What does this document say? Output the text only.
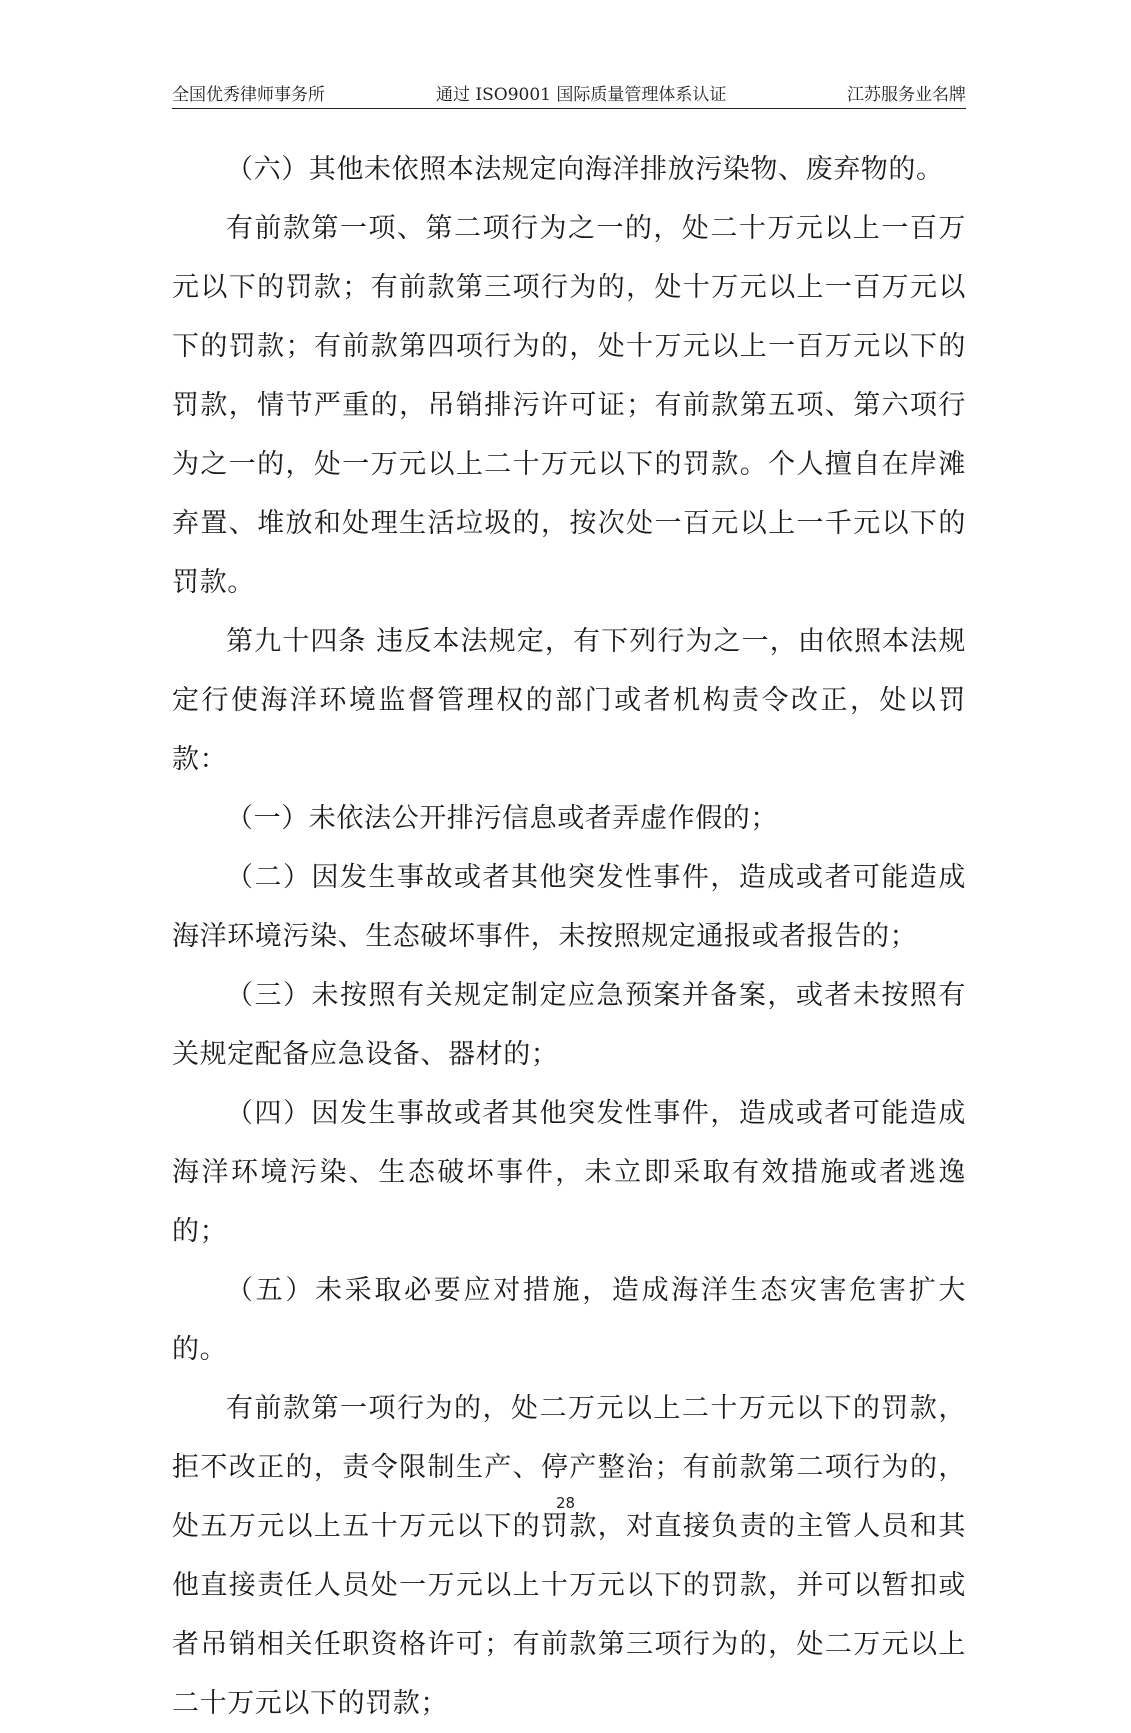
全国优秀律师事务所	通过 ISO9001 国际质量管理体系认证	江苏服务业名牌

（六）其他未依照本法规定向海洋排放污染物、废弃物的。

有前款第一项、第二项行为之一的，处二十万元以上一百万元以下的罚款；有前款第三项行为的，处十万元以上一百万元以下的罚款；有前款第四项行为的，处十万元以上一百万元以下的罚款，情节严重的，吊销排污许可证；有前款第五项、第六项行为之一的，处一万元以上二十万元以下的罚款。个人擅自在岸滩弃置、堆放和处理生活垃圾的，按次处一百元以上一千元以下的罚款。

第九十四条 违反本法规定，有下列行为之一，由依照本法规定行使海洋环境监督管理权的部门或者机构责令改正，处以罚款：

（一）未依法公开排污信息或者弄虚作假的；

（二）因发生事故或者其他突发性事件，造成或者可能造成海洋环境污染、生态破坏事件，未按照规定通报或者报告的；

（三）未按照有关规定制定应急预案并备案，或者未按照有关规定配备应急设备、器材的；

（四）因发生事故或者其他突发性事件，造成或者可能造成海洋环境污染、生态破坏事件，未立即采取有效措施或者逃逸的；

（五）未采取必要应对措施，造成海洋生态灾害危害扩大的。

有前款第一项行为的，处二万元以上二十万元以下的罚款，拒不改正的，责令限制生产、停产整治；有前款第二项行为的，处五万元以上五十万元以下的罚款，对直接负责的主管人员和其他直接责任人员处一万元以上十万元以下的罚款，并可以暂扣或者吊销相关任职资格许可；有前款第三项行为的，处二万元以上二十万元以下的罚款；

28
